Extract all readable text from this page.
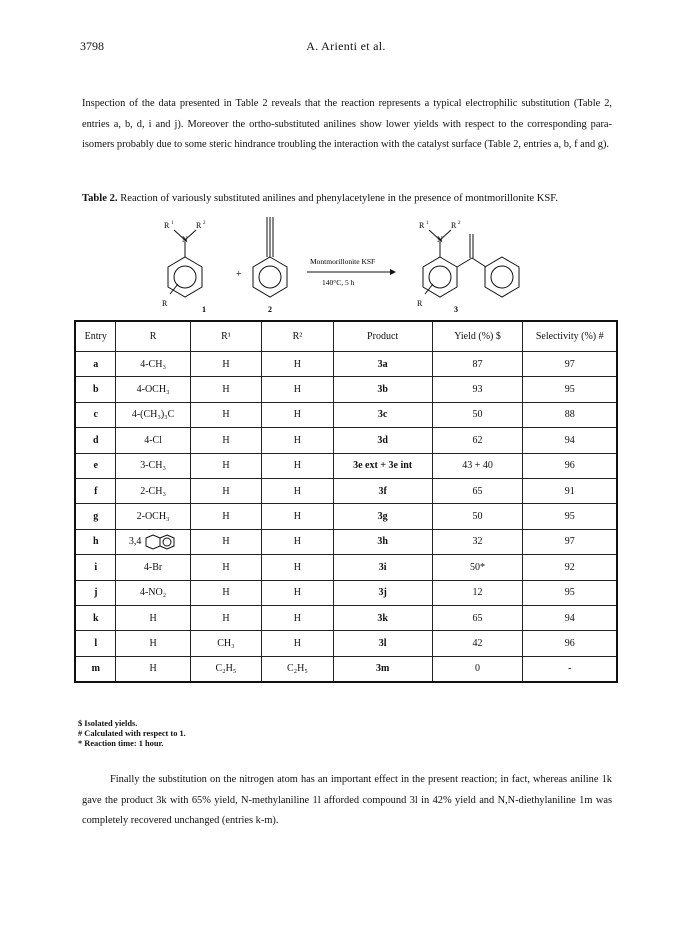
3798	A. Arienti et al.
Inspection of the data presented in Table 2 reveals that the reaction represents a typical electrophilic substitution (Table 2, entries a, b, d, i and j). Moreover the ortho-substituted anilines show lower yields with respect to the corresponding para-isomers probably due to some steric hindrance troubling the interaction with the catalyst surface (Table 2, entries a, b, f and g).
Table 2. Reaction of variously substituted anilines and phenylacetylene in the presence of montmorillonite KSF.
R 1
N
R 2
R
1
+
2
Montmorillonite KSF
140°C, 5 h
R 1
N
R 2
R
3
Entry	R	R¹	R²	Product	Yield (%) $	Selectivity (%) #
a	4-CH₃	H	H	3a	87	97
b	4-OCH₃	H	H	3b	93	95
c	4-(CH₃)₃C	H	H	3c	50	88
d	4-Cl	H	H	3d	62	94
e	3-CH₃	H	H	3e ext + 3e int	43 + 40	96
f	2-CH₃	H	H	3f	65	91
g	2-OCH₃	H	H	3g	50	95
h	3,4	H	H	3h	32	97
i	4-Br	H	H	3i	50*	92
j	4-NO₂	H	H	3j	12	95
k	H	H	H	3k	65	94
l	H	CH₃	H	3l	42	96
m	H	C₂H₅	C₂H₅	3m	0	-
$ Isolated yields.
# Calculated with respect to 1.
* Reaction time: 1 hour.
Finally the substitution on the nitrogen atom has an important effect in the present reaction; in fact, whereas aniline 1k gave the product 3k with 65% yield, N-methylaniline 1l afforded compound 3l in 42% yield and N,N-diethylaniline 1m was completely recovered unchanged (entries k-m).
